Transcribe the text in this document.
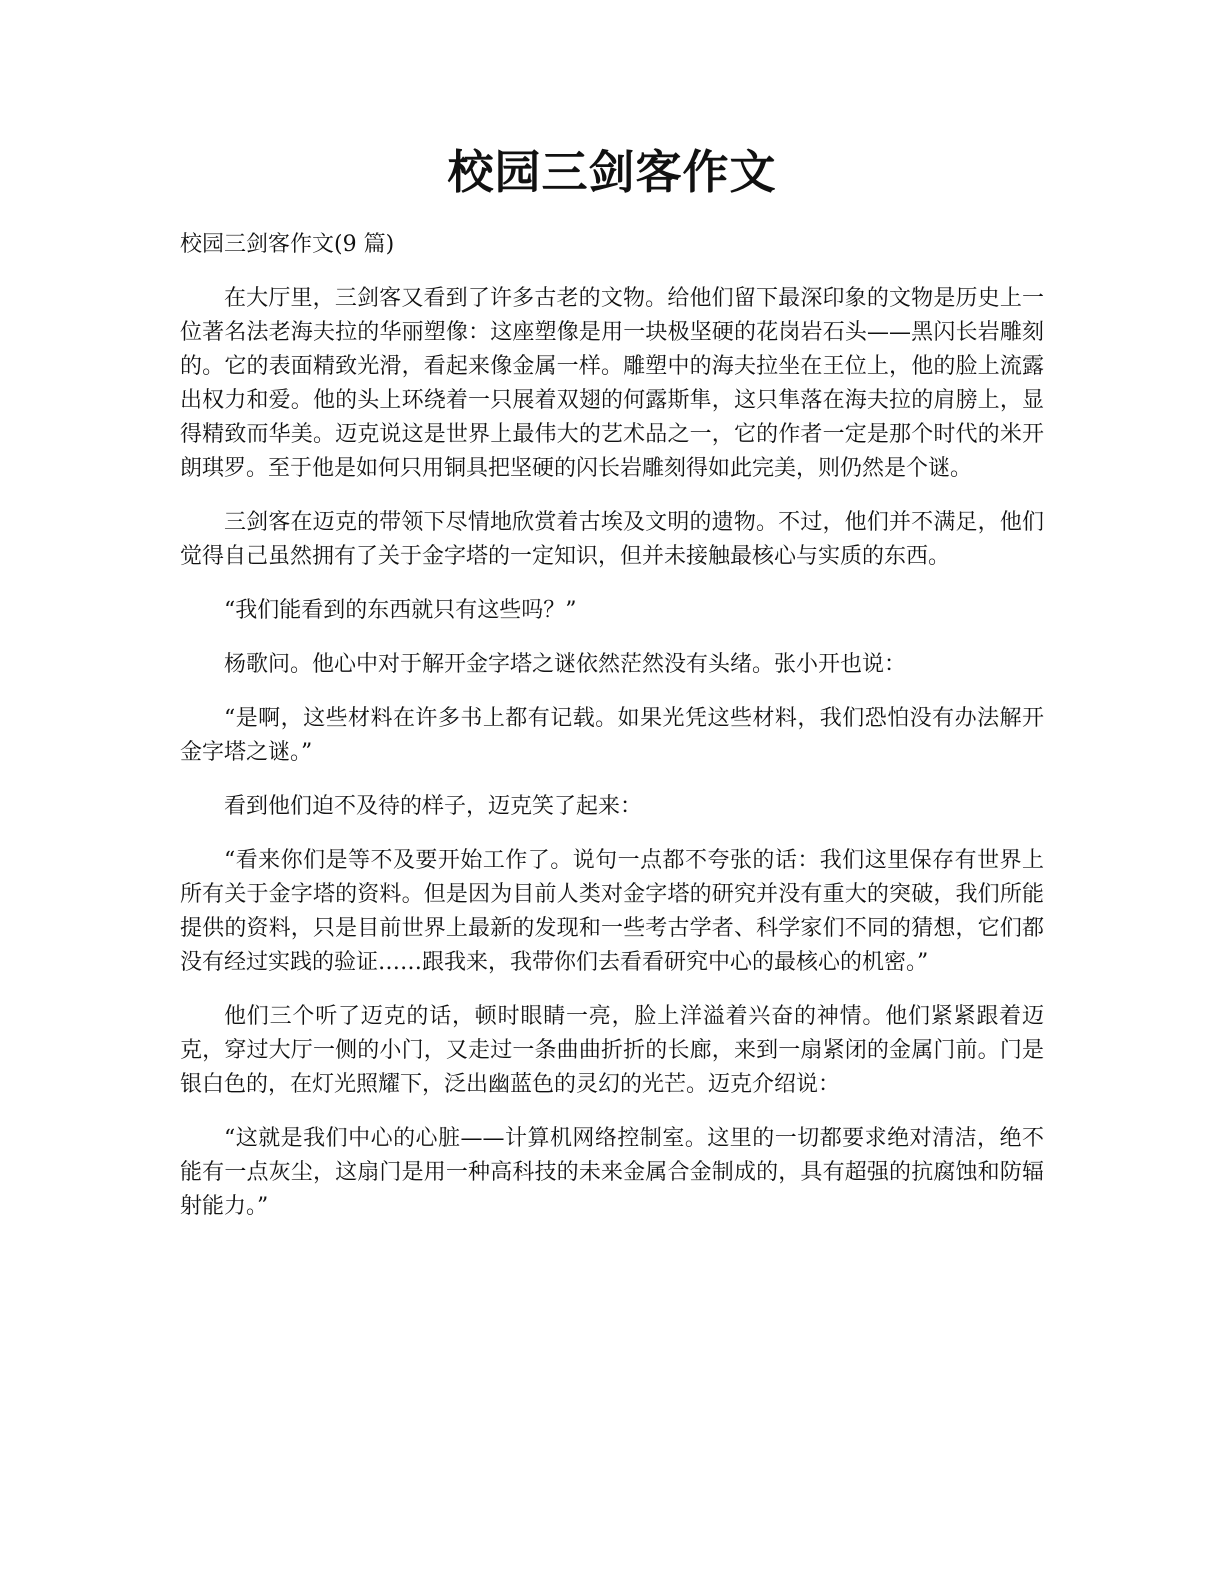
校园三剑客作文

校园三剑客作文(9 篇)

在大厅里，三剑客又看到了许多古老的文物。给他们留下最深印象的文物是历史上一位著名法老海夫拉的华丽塑像：这座塑像是用一块极坚硬的花岗岩石头——黑闪长岩雕刻的。它的表面精致光滑，看起来像金属一样。雕塑中的海夫拉坐在王位上，他的脸上流露出权力和爱。他的头上环绕着一只展着双翅的何露斯隼，这只隼落在海夫拉的肩膀上，显得精致而华美。迈克说这是世界上最伟大的艺术品之一，它的作者一定是那个时代的米开朗琪罗。至于他是如何只用铜具把坚硬的闪长岩雕刻得如此完美，则仍然是个谜。

三剑客在迈克的带领下尽情地欣赏着古埃及文明的遗物。不过，他们并不满足，他们觉得自己虽然拥有了关于金字塔的一定知识，但并未接触最核心与实质的东西。

“我们能看到的东西就只有这些吗？”

杨歌问。他心中对于解开金字塔之谜依然茫然没有头绪。张小开也说：

“是啊，这些材料在许多书上都有记载。如果光凭这些材料，我们恐怕没有办法解开金字塔之谜。”

看到他们迫不及待的样子，迈克笑了起来：

“看来你们是等不及要开始工作了。说句一点都不夸张的话：我们这里保存有世界上所有关于金字塔的资料。但是因为目前人类对金字塔的研究并没有重大的突破，我们所能提供的资料，只是目前世界上最新的发现和一些考古学者、科学家们不同的猜想，它们都没有经过实践的验证……跟我来，我带你们去看看研究中心的最核心的机密。”

他们三个听了迈克的话，顿时眼睛一亮，脸上洋溢着兴奋的神情。他们紧紧跟着迈克，穿过大厅一侧的小门，又走过一条曲曲折折的长廊，来到一扇紧闭的金属门前。门是银白色的，在灯光照耀下，泛出幽蓝色的灵幻的光芒。迈克介绍说：

“这就是我们中心的心脏——计算机网络控制室。这里的一切都要求绝对清洁，绝不能有一点灰尘，这扇门是用一种高科技的未来金属合金制成的，具有超强的抗腐蚀和防辐射能力。”
